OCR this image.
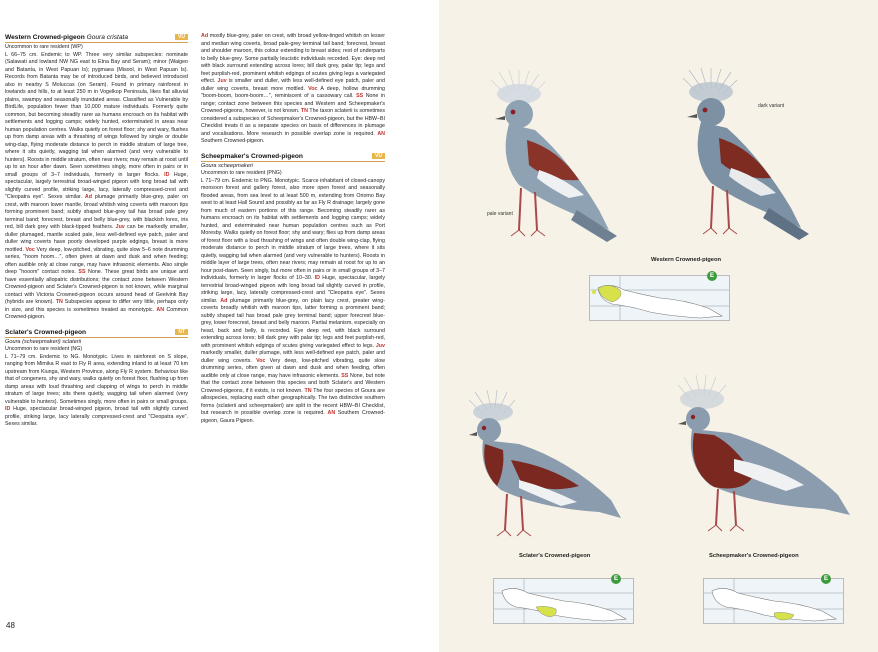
Western Crowned-pigeon Goura cristata	VU

Uncommon to rare resident (WP)

L 66–75 cm. Endemic to WP. Three very similar subspecies: nominate (Salawati and lowland NW NG east to Etna Bay and Seram); minor (Waigeo and Batanta, in West Papuan Is); pygmaea (Misool, in West Papuan Is). Records from Batanta may be of introduced birds, and believed introduced also in nearby S Moluccas (on Seram). Found in primary rainforest in lowlands and hills, to at least 250 m in Vogelkop Peninsula, likes flat alluvial plains, swampy and seasonally inundated areas. Classified as Vulnerable by BirdLife, population fewer than 10,000 mature individuals. Formerly quite common, but becoming steadily rarer as humans encroach on its habitat with settlements and logging camps; widely hunted, exterminated in areas near human population centres. Walks quietly on forest floor; shy and wary, flushes up from damp areas with a thrashing of wings followed by single or double wing-clap, flying moderate distance to perch in middle stratum of large tree, where it sits quietly, wagging tail when alarmed (and very vulnerable to hunters). Roosts in middle stratum, often near rivers; may remain at roost until up to an hour after dawn. Seen sometimes singly, more often in pairs or in small groups of 3–7 individuals, formerly in larger flocks. ID Huge, spectacular, largely terrestrial broad-winged pigeon with long broad tail with slightly curved profile, striking large, lacy, laterally compressed-crest and "Cleopatra eye". Sexes similar. Ad plumage primarily blue-grey, paler on crest, with maroon lower mantle, broad whitish wing coverts with maroon tips forming prominent band; subtly shaped blue-grey tail has broad pale grey terminal band; forecrest, breast and belly blue-grey, with blackish lores, iris red, bill dark grey with black-tipped feathers. Juv can be markedly smaller, duller plumaged, mantle scaled pale, less well-defined eye patch, paler and duller wing coverts have poorly developed purple edgings, breast is more mottled. Voc Very deep, low-pitched, vibrating, quite slow 5–6 note drumming series, "hoom hoom…", often given at dawn and dusk and when feeding; often audible only at close range, may have infrasonic elements. Also single deep "hooom" contact notes. SS None. These great birds are unique and have essentially allopatric distributions; the contact zone between Western Crowned-pigeon and Sclater's Crowned-pigeon is not known, while marginal contact with Victoria Crowned-pigeon occurs around head of Geelvink Bay (hybrids are known). TN Subspecies appear to differ very little, perhaps only in size, and this species is sometimes treated as monotypic. AN Common Crowned-pigeon.

Sclater's Crowned-pigeon	NT
Goura (scheepmakeri) sclaterii

Uncommon to rare resident (NG)

L 71–79 cm. Endemic to NG. Monotypic. Lives in rainforest on S slope, ranging from Mimika R east to Fly R area, extending inland to at least 70 km upstream from Kiunga, Western Province, along Fly R system. Behaviour like that of congeners, shy and wary, walks quietly on forest floor, flushing up from damp areas with loud thrashing and clapping of wings to perch in middle stratum of large trees; sits there quietly, wagging tail when alarmed (very vulnerable to hunters). Sometimes singly, more often in pairs or small groups. ID Huge, spectacular broad-winged pigeon, broad tail with slightly curved profile, striking large, lacy laterally compressed-crest and "Cleopatra eye". Sexes similar.

Ad mostly blue-grey, paler on crest, with broad yellow-tinged whitish on lesser and median wing coverts, broad pale-grey terminal tail band; forecrest, breast and shoulder maroon, this colour extending to breast sides; rest of underparts to belly blue-grey. Some partially leucistic individuals recorded. Eye: deep red with black surround extending across lores; bill dark grey, palar tip; legs and feet purplish-red, prominent whitish edgings of scutes giving legs a variegated effect. Juv is smaller and duller, with less well-defined eye patch, paler and duller wing coverts, breast more mottled. Voc A deep, hollow drumming "boom-boom, boom-boom…", reminiscent of a cassowary call. SS None in range; contact zone between this species and Western and Scheepmaker's Crowned-pigeons, however, is not known. TN The taxon sclaterii is sometimes considered a subspecies of Scheepmaker's Crowned-pigeon, but the HBW–BI Checklist treats it as a separate species on basis of differences in plumage and vocalisations. More research in possible overlap zone is required. AN Southern Crowned-pigeon.

Scheepmaker's Crowned-pigeon	VU
Goura scheepmakeri

Uncommon to rare resident (PNG)

L 71–79 cm. Endemic to PNG. Monotypic. Scarce inhabitant of closed-canopy monsoon forest and gallery forest, also more open forest and seasonally flooded areas, from sea level to at least 500 m, extending from Oriomo Bay west to at least Hall Sound and possibly as far as Fly R drainage; largely gone from much of eastern portions of this range. Becoming steadily rarer as humans encroach on its habitat with settlements and logging camps; widely hunted, and exterminated near human population centres such as Port Moresby. Walks quietly on forest floor; shy and wary; flies up from damp areas of forest floor with a loud thrashing of wings and often double wing-clap, flying moderate distance to perch in middle stratum of large trees, where it sits quietly, wagging tail when alarmed (and very vulnerable to hunters). Roosts in middle layer of large trees, often near rivers; may remain at roost for up to an hour post-dawn. Seen singly, but more often in pairs or in small groups of 3–7 individuals, formerly in larger flocks of 10–30. ID Huge, spectacular, largely terrestrial broad-winged pigeon with long broad tail slightly curved in profile, striking large, lacy, laterally compressed-crest and "Cleopatra eye". Sexes similar. Ad plumage primarily blue-grey, on plain lacy crest, greater wing-coverts broadly whitish with maroon tips, latter forming a prominent band; subtly shaped tail has broad pale grey terminal band; upper forecrest blue-grey, lower forecrest, breast and belly maroon. Partial melanism, especially on head, back and belly, is recorded. Eye deep red, with black surround extending across lores; bill dark grey with palar tip; legs and feet purplish-red, with prominent whitish edgings of scutes giving variegated effect to legs. Juv markedly smaller, duller plumage, with less well-defined eye patch, paler and duller wing coverts. Voc Very deep, low-pitched vibrating, quite slow drumming series, often given at dawn and dusk and when feeding, often audible only at close range, may have infrasonic elements. SS None, but note that the contact zone between this species and both Sclater's and Western Crowned-pigeons, if it exists, is not known. TN The four species of Goura are allospecies, replacing each other geographically. The two distinctive southern forms (sclaterii and scheepmakeri) are split in the recent HBW–BI Checklist, but research in possible overlap zone is required. AN Southern Crowned-pigeon, Gaura Pigeon.

48
pale variant
dark variant
Western Crowned-pigeon
E
Sclater's Crowned-pigeon	Scheepmaker's Crowned-pigeon
E	E
